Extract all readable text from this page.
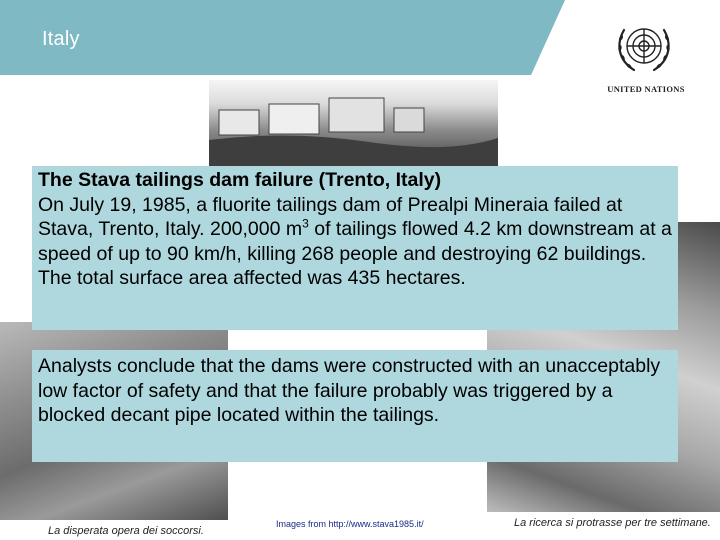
Italy
UNITED NATIONS
The Stava tailings dam failure (Trento, Italy)
On July 19, 1985, a fluorite tailings dam of Prealpi Mineraia failed at Stava, Trento, Italy. 200,000 $m^3$ of tailings flowed 4.2 km downstream at a speed of up to 90 km/h, killing 268 people and destroying 62 buildings. The total surface area affected was 435 hectares.
Analysts conclude that the dams were constructed with an unacceptably low factor of safety and that the failure probably was triggered by a blocked decant pipe located within the tailings.
La disperata opera dei soccorsi.
Images from http://www.stava1985.it/	La ricerca si protrasse per tre settimane.
